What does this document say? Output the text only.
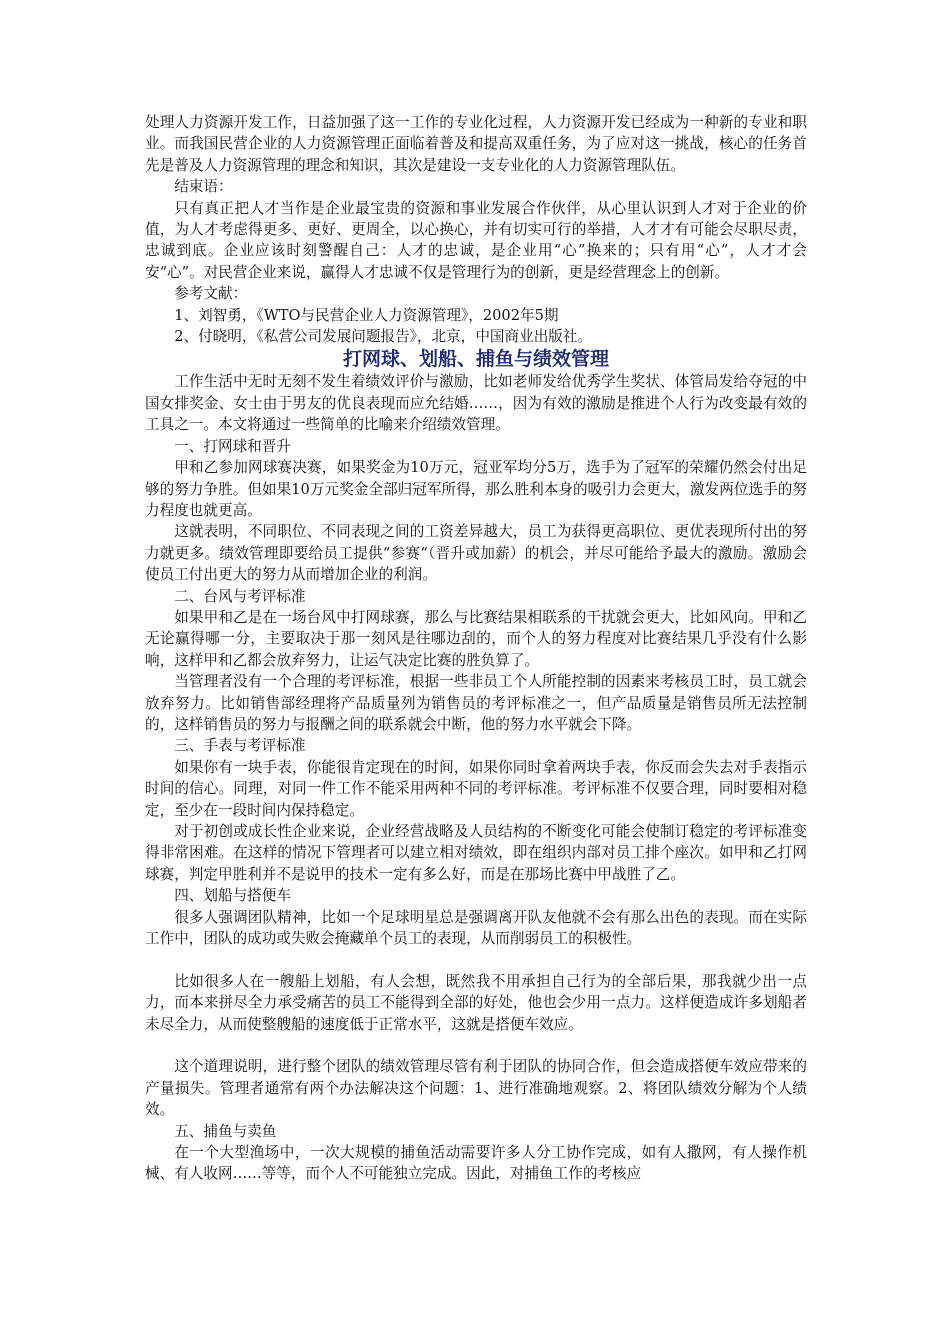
处理人力资源开发工作，日益加强了这一工作的专业化过程，人力资源开发已经成为一种新的专业和职业。而我国民营企业的人力资源管理正面临着普及和提高双重任务，为了应对这一挑战，核心的任务首先是普及人力资源管理的理念和知识，其次是建设一支专业化的人力资源管理队伍。

结束语：

只有真正把人才当作是企业最宝贵的资源和事业发展合作伙伴，从心里认识到人才对于企业的价值，为人才考虑得更多、更好、更周全，以心换心，并有切实可行的举措，人才才有可能会尽职尽责，忠诚到底。企业应该时刻警醒自己：人才的忠诚，是企业用“心”换来的；只有用“心”，人才才会安“心”。对民营企业来说，赢得人才忠诚不仅是管理行为的创新，更是经营理念上的创新。

参考文献：

1、刘智勇，《WTO与民营企业人力资源管理》，2002年5期

2、付晓明，《私营公司发展问题报告》，北京，中国商业出版社。

打网球、划船、捕鱼与绩效管理

工作生活中无时无刻不发生着绩效评价与激励，比如老师发给优秀学生奖状、体管局发给夺冠的中国女排奖金、女士由于男友的优良表现而应允结婚……，因为有效的激励是推进个人行为改变最有效的工具之一。本文将通过一些简单的比喻来介绍绩效管理。

一、打网球和晋升

甲和乙参加网球赛决赛，如果奖金为10万元，冠亚军均分5万，选手为了冠军的荣耀仍然会付出足够的努力争胜。但如果10万元奖金全部归冠军所得，那么胜利本身的吸引力会更大，激发两位选手的努力程度也就更高。

这就表明，不同职位、不同表现之间的工资差异越大，员工为获得更高职位、更优表现所付出的努力就更多。绩效管理即要给员工提供“参赛“（晋升或加薪）的机会，并尽可能给予最大的激励。激励会使员工付出更大的努力从而增加企业的利润。

二、台风与考评标准

如果甲和乙是在一场台风中打网球赛，那么与比赛结果相联系的干扰就会更大，比如风向。甲和乙无论赢得哪一分，主要取决于那一刻风是往哪边刮的，而个人的努力程度对比赛结果几乎没有什么影响，这样甲和乙都会放弃努力，让运气决定比赛的胜负算了。

当管理者没有一个合理的考评标准，根据一些非员工个人所能控制的因素来考核员工时，员工就会放弃努力。比如销售部经理将产品质量列为销售员的考评标准之一，但产品质量是销售员所无法控制的，这样销售员的努力与报酬之间的联系就会中断，他的努力水平就会下降。

三、手表与考评标准

如果你有一块手表，你能很肯定现在的时间，如果你同时拿着两块手表，你反而会失去对手表指示时间的信心。同理，对同一件工作不能采用两种不同的考评标准。考评标准不仅要合理，同时要相对稳定，至少在一段时间内保持稳定。

对于初创或成长性企业来说，企业经营战略及人员结构的不断变化可能会使制订稳定的考评标准变得非常困难。在这样的情况下管理者可以建立相对绩效，即在组织内部对员工排个座次。如甲和乙打网球赛，判定甲胜利并不是说甲的技术一定有多么好，而是在那场比赛中甲战胜了乙。

四、划船与搭便车

很多人强调团队精神，比如一个足球明星总是强调离开队友他就不会有那么出色的表现。而在实际工作中，团队的成功或失败会掩藏单个员工的表现，从而削弱员工的积极性。

比如很多人在一艘船上划船，有人会想，既然我不用承担自己行为的全部后果，那我就少出一点力，而本来拼尽全力承受痛苦的员工不能得到全部的好处，他也会少用一点力。这样便造成许多划船者未尽全力，从而使整艘船的速度低于正常水平，这就是搭便车效应。

这个道理说明，进行整个团队的绩效管理尽管有利于团队的协同合作，但会造成搭便车效应带来的产量损失。管理者通常有两个办法解决这个问题：1、进行准确地观察。2、将团队绩效分解为个人绩效。

五、捕鱼与卖鱼

在一个大型渔场中，一次大规模的捕鱼活动需要许多人分工协作完成，如有人撒网，有人操作机械、有人收网……等等，而个人不可能独立完成。因此，对捕鱼工作的考核应
